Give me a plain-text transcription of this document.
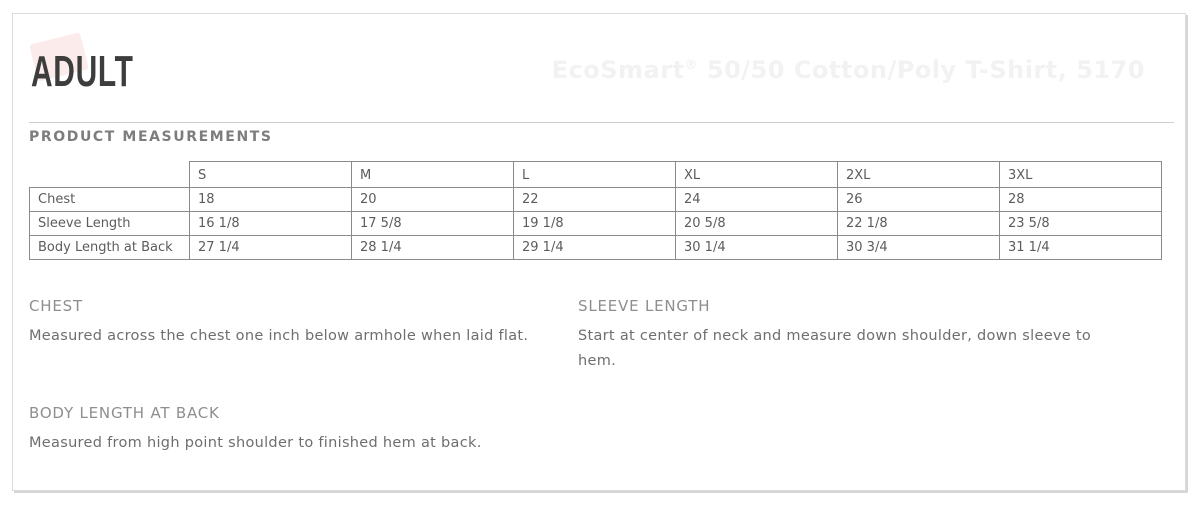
ADULT	EcoSmart® 50/50 Cotton/Poly T-Shirt, 5170
PRODUCT MEASUREMENTS
	S	M	L	XL	2XL	3XL
Chest	18	20	22	24	26	28
Sleeve Length	16 1/8	17 5/8	19 1/8	20 5/8	22 1/8	23 5/8
Body Length at Back	27 1/4	28 1/4	29 1/4	30 1/4	30 3/4	31 1/4
CHEST

Measured across the chest one inch below armhole when laid flat.

SLEEVE LENGTH

Start at center of neck and measure down shoulder, down sleeve to hem.

BODY LENGTH AT BACK

Measured from high point shoulder to finished hem at back.
